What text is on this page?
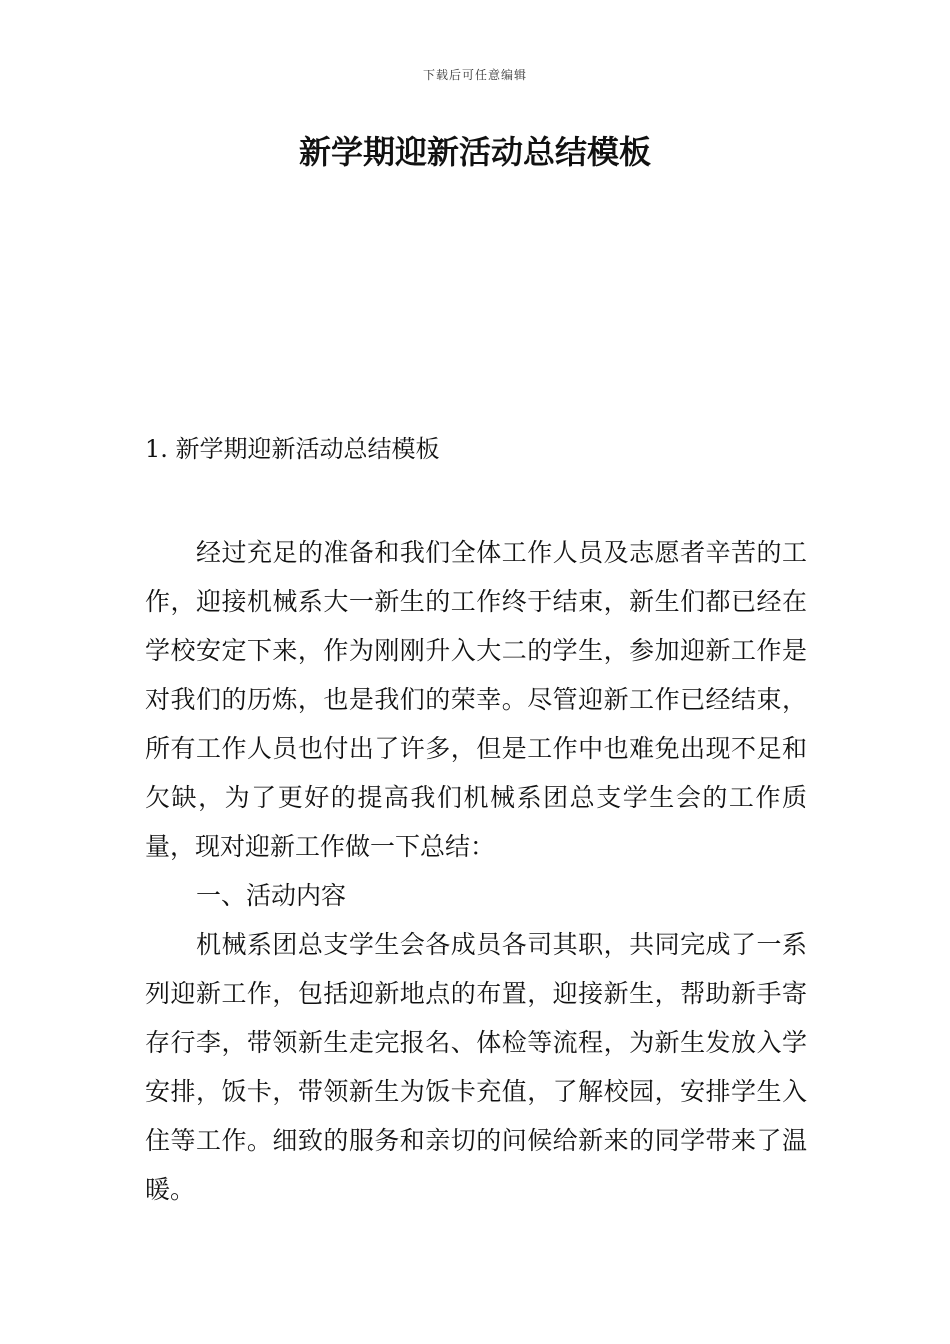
下载后可任意编辑
新学期迎新活动总结模板
1. 新学期迎新活动总结模板

经过充足的准备和我们全体工作人员及志愿者辛苦的工作，迎接机械系大一新生的工作终于结束，新生们都已经在学校安定下来，作为刚刚升入大二的学生，参加迎新工作是对我们的历炼，也是我们的荣幸。尽管迎新工作已经结束，所有工作人员也付出了许多，但是工作中也难免出现不足和欠缺，为了更好的提高我们机械系团总支学生会的工作质量，现对迎新工作做一下总结：

一、活动内容

机械系团总支学生会各成员各司其职，共同完成了一系列迎新工作，包括迎新地点的布置，迎接新生，帮助新手寄存行李，带领新生走完报名、体检等流程，为新生发放入学安排，饭卡，带领新生为饭卡充值，了解校园，安排学生入住等工作。细致的服务和亲切的问候给新来的同学带来了温暖。
